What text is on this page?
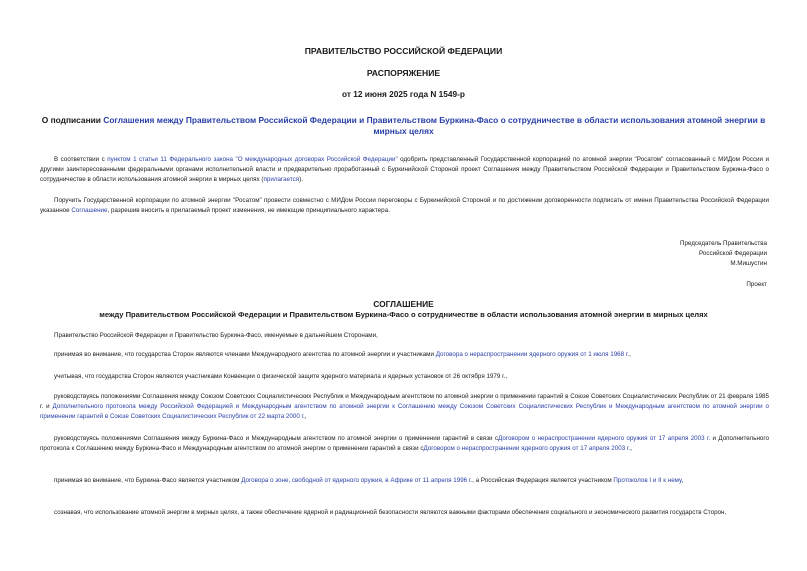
ПРАВИТЕЛЬСТВО РОССИЙСКОЙ ФЕДЕРАЦИИ
РАСПОРЯЖЕНИЕ
от 12 июня 2025 года N 1549-р
О подписании Соглашения между Правительством Российской Федерации и Правительством Буркина-Фасо о сотрудничестве в области использования атомной энергии в мирных целях
В соответствии с пунктом 1 статьи 11 Федерального закона "О международных договорах Российской Федерации" одобрить представленный Государственной корпорацией по атомной энергии "Росатом" согласованный с МИДом России и другими заинтересованными федеральными органами исполнительной власти и предварительно проработанный с Буркинийской Стороной проект Соглашения между Правительством Российской Федерации и Правительством Буркина-Фасо о сотрудничестве в области использования атомной энергии в мирных целях (прилагается).
Поручить Государственной корпорации по атомной энергии "Росатом" провести совместно с МИДом России переговоры с Буркинийской Стороной и по достижении договоренности подписать от имени Правительства Российской Федерации указанное Соглашение, разрешив вносить в прилагаемый проект изменения, не имеющие принципиального характера.
Председатель Правительства
Российской Федерации
М.Мишустин
Проект
СОГЛАШЕНИЕ
между Правительством Российской Федерации и Правительством Буркина-Фасо о сотрудничестве в области использования атомной энергии в мирных целях
Правительство Российской Федерации и Правительство Буркина-Фасо, именуемые в дальнейшем Сторонами,
принимая во внимание, что государства Сторон являются членами Международного агентства по атомной энергии и участниками Договора о нераспространении ядерного оружия от 1 июля 1968 г.,
учитывая, что государства Сторон являются участниками Конвенции о физической защите ядерного материала и ядерных установок от 26 октября 1979 г.,
руководствуясь положениями Соглашения между Союзом Советских Социалистических Республик и Международным агентством по атомной энергии о применении гарантий в Союзе Советских Социалистических Республик от 21 февраля 1985 г. и Дополнительного протокола между Российской Федерацией и Международным агентством по атомной энергии к Соглашению между Союзом Советских Социалистических Республик и Международным агентством по атомной энергии о применении гарантий в Союзе Советских Социалистических Республик от 22 марта 2000 г.,
руководствуясь положениями Соглашения между Буркина-Фасо и Международным агентством по атомной энергии о применении гарантий в связи сДоговором о нераспространении ядерного оружия от 17 апреля 2003 г. и Дополнительного протокола к Соглашению между Буркина-Фасо и Международным агентством по атомной энергии о применении гарантий в связи сДоговором о нераспространении ядерного оружия от 17 апреля 2003 г.,
принимая во внимание, что Буркина-Фасо является участником Договора о зоне, свободной от ядерного оружия, в Африке от 11 апреля 1996 г., а Российская Федерация является участником Протоколов I и II к нему,
сознавая, что использование атомной энергии в мирных целях, а также обеспечение ядерной и радиационной безопасности являются важными факторами обеспечения социального и экономического развития государств Сторон,
